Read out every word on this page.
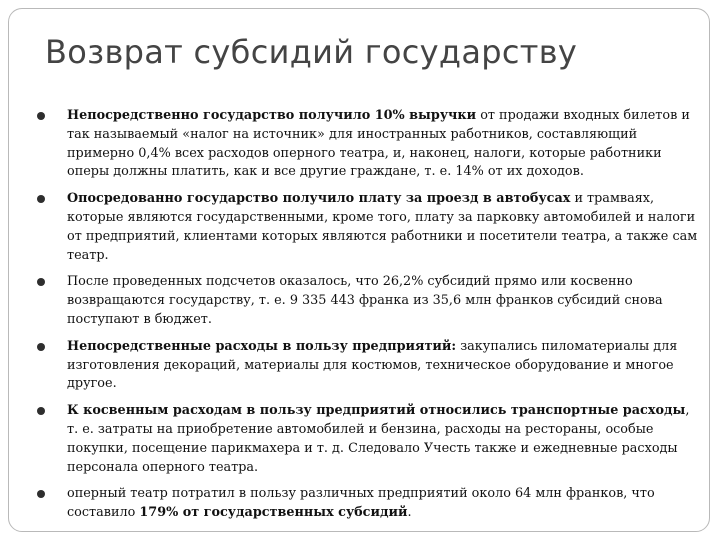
Возврат субсидий государству
Непосредственно государство получило 10% выручки от продажи входных билетов и так называемый «налог на источник» для иностранных работников, составляющий примерно 0,4% всех расходов оперного театра, и, наконец, налоги, которые работники оперы должны платить, как и все другие граждане, т. е. 14% от их доходов.
Опосредованно государство получило плату за проезд в автобусах и трамваях, которые являются государственными, кроме того, плату за парковку автомобилей и налоги от предприятий, клиентами которых являются работники и посетители театра, а также сам театр.
После проведенных подсчетов оказалось, что 26,2% субсидий прямо или косвенно возвращаются государству, т. е. 9 335 443 франка из 35,6 млн франков субсидий снова поступают в бюджет.
Непосредственные расходы в пользу предприятий: закупались пиломатериалы для изготовления декораций, материалы для костюмов, техническое оборудование и многое другое.
К косвенным расходам в пользу предприятий относились транспортные расходы, т. е. затраты на приобретение автомобилей и бензина, расходы на рестораны, особые покупки, посещение парикмахера и т. д. Следовало Учесть также и ежедневные расходы персонала оперного театра.
оперный театр потратил в пользу различных предприятий около 64 млн франков, что составило 179% от государственных субсидий.
